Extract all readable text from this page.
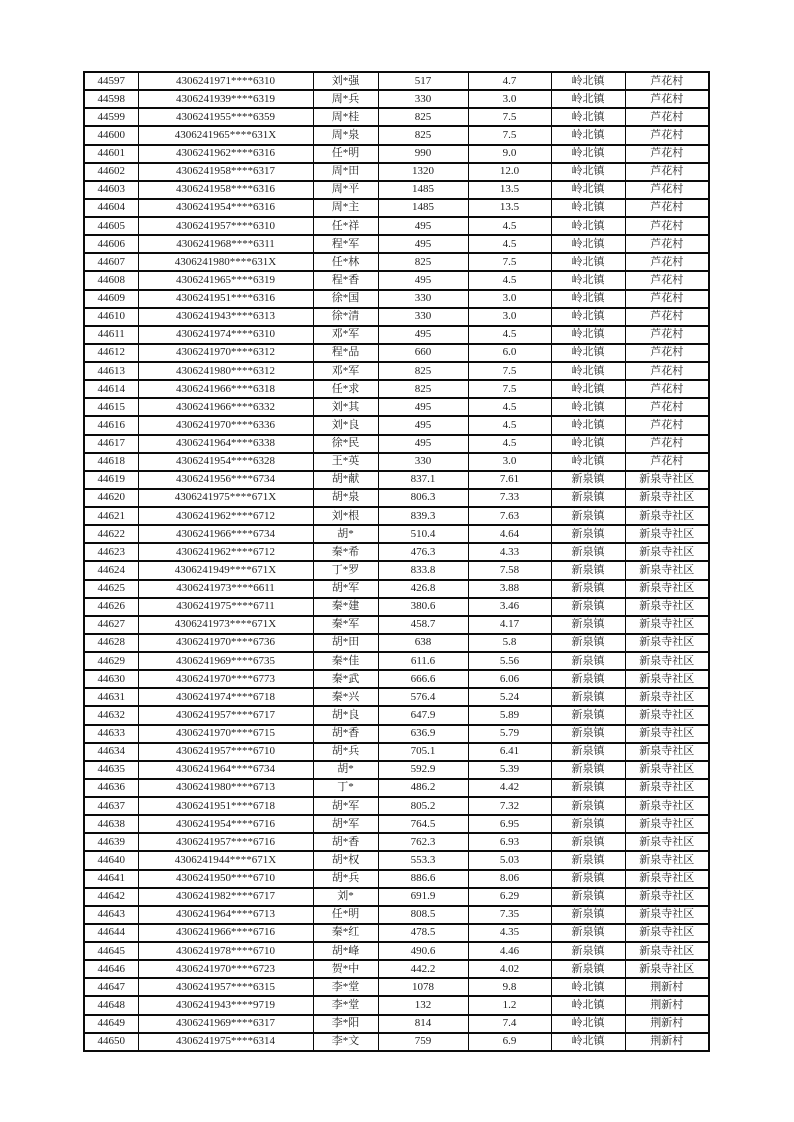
44597	4306241971****6310	刘*强	517	4.7	岭北镇	芦花村
44598	4306241939****6319	周*兵	330	3.0	岭北镇	芦花村
44599	4306241955****6359	周*桂	825	7.5	岭北镇	芦花村
44600	4306241965****631X	周*泉	825	7.5	岭北镇	芦花村
44601	4306241962****6316	任*明	990	9.0	岭北镇	芦花村
44602	4306241958****6317	周*田	1320	12.0	岭北镇	芦花村
44603	4306241958****6316	周*平	1485	13.5	岭北镇	芦花村
44604	4306241954****6316	周*主	1485	13.5	岭北镇	芦花村
44605	4306241957****6310	任*祥	495	4.5	岭北镇	芦花村
44606	4306241968****6311	程*军	495	4.5	岭北镇	芦花村
44607	4306241980****631X	任*林	825	7.5	岭北镇	芦花村
44608	4306241965****6319	程*香	495	4.5	岭北镇	芦花村
44609	4306241951****6316	徐*国	330	3.0	岭北镇	芦花村
44610	4306241943****6313	徐*清	330	3.0	岭北镇	芦花村
44611	4306241974****6310	邓*军	495	4.5	岭北镇	芦花村
44612	4306241970****6312	程*品	660	6.0	岭北镇	芦花村
44613	4306241980****6312	邓*军	825	7.5	岭北镇	芦花村
44614	4306241966****6318	任*求	825	7.5	岭北镇	芦花村
44615	4306241966****6332	刘*其	495	4.5	岭北镇	芦花村
44616	4306241970****6336	刘*良	495	4.5	岭北镇	芦花村
44617	4306241964****6338	徐*民	495	4.5	岭北镇	芦花村
44618	4306241954****6328	王*英	330	3.0	岭北镇	芦花村
44619	4306241956****6734	胡*献	837.1	7.61	新泉镇	新泉寺社区
44620	4306241975****671X	胡*泉	806.3	7.33	新泉镇	新泉寺社区
44621	4306241962****6712	刘*根	839.3	7.63	新泉镇	新泉寺社区
44622	4306241966****6734	胡*	510.4	4.64	新泉镇	新泉寺社区
44623	4306241962****6712	秦*希	476.3	4.33	新泉镇	新泉寺社区
44624	4306241949****671X	丁*罗	833.8	7.58	新泉镇	新泉寺社区
44625	4306241973****6611	胡*军	426.8	3.88	新泉镇	新泉寺社区
44626	4306241975****6711	秦*建	380.6	3.46	新泉镇	新泉寺社区
44627	4306241973****671X	秦*军	458.7	4.17	新泉镇	新泉寺社区
44628	4306241970****6736	胡*田	638	5.8	新泉镇	新泉寺社区
44629	4306241969****6735	秦*佳	611.6	5.56	新泉镇	新泉寺社区
44630	4306241970****6773	秦*武	666.6	6.06	新泉镇	新泉寺社区
44631	4306241974****6718	秦*兴	576.4	5.24	新泉镇	新泉寺社区
44632	4306241957****6717	胡*良	647.9	5.89	新泉镇	新泉寺社区
44633	4306241970****6715	胡*香	636.9	5.79	新泉镇	新泉寺社区
44634	4306241957****6710	胡*兵	705.1	6.41	新泉镇	新泉寺社区
44635	4306241964****6734	胡*	592.9	5.39	新泉镇	新泉寺社区
44636	4306241980****6713	丁*	486.2	4.42	新泉镇	新泉寺社区
44637	4306241951****6718	胡*军	805.2	7.32	新泉镇	新泉寺社区
44638	4306241954****6716	胡*军	764.5	6.95	新泉镇	新泉寺社区
44639	4306241957****6716	胡*香	762.3	6.93	新泉镇	新泉寺社区
44640	4306241944****671X	胡*权	553.3	5.03	新泉镇	新泉寺社区
44641	4306241950****6710	胡*兵	886.6	8.06	新泉镇	新泉寺社区
44642	4306241982****6717	刘*	691.9	6.29	新泉镇	新泉寺社区
44643	4306241964****6713	任*明	808.5	7.35	新泉镇	新泉寺社区
44644	4306241966****6716	秦*红	478.5	4.35	新泉镇	新泉寺社区
44645	4306241978****6710	胡*峰	490.6	4.46	新泉镇	新泉寺社区
44646	4306241970****6723	贺*中	442.2	4.02	新泉镇	新泉寺社区
44647	4306241957****6315	李*堂	1078	9.8	岭北镇	荆新村
44648	4306241943****9719	李*堂	132	1.2	岭北镇	荆新村
44649	4306241969****6317	李*阳	814	7.4	岭北镇	荆新村
44650	4306241975****6314	李*文	759	6.9	岭北镇	荆新村
